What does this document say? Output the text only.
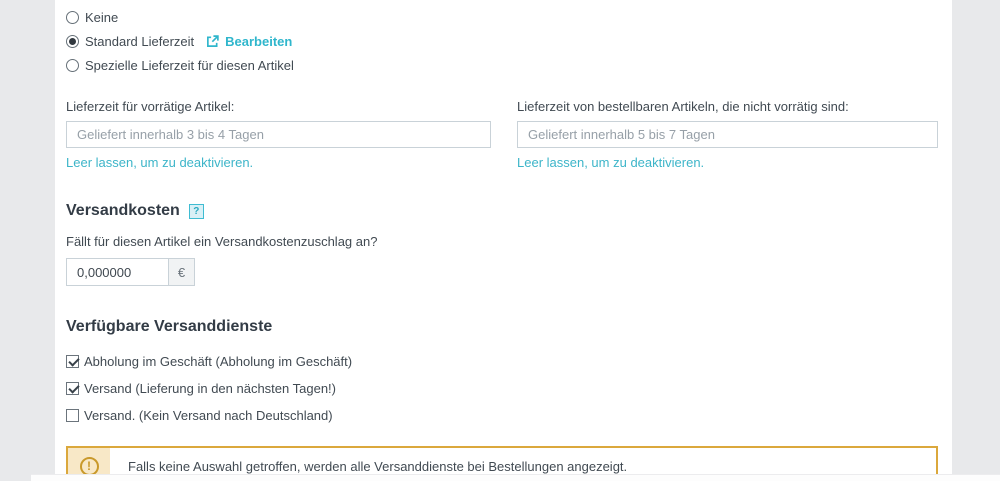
Keine
Standard Lieferzeit Bearbeiten
Spezielle Lieferzeit für diesen Artikel
Lieferzeit für vorrätige Artikel:
Geliefert innerhalb 3 bis 4 Tagen
Leer lassen, um zu deaktivieren.
Lieferzeit von bestellbaren Artikeln, die nicht vorrätig sind:
Geliefert innerhalb 5 bis 7 Tagen
Leer lassen, um zu deaktivieren.
Versandkosten	?
Fällt für diesen Artikel ein Versandkostenzuschlag an?
0,000000
€
Verfügbare Versanddienste
Abholung im Geschäft (Abholung im Geschäft)
Versand (Lieferung in den nächsten Tagen!)
Versand. (Kein Versand nach Deutschland)
!	Falls keine Auswahl getroffen, werden alle Versanddienste bei Bestellungen angezeigt.
